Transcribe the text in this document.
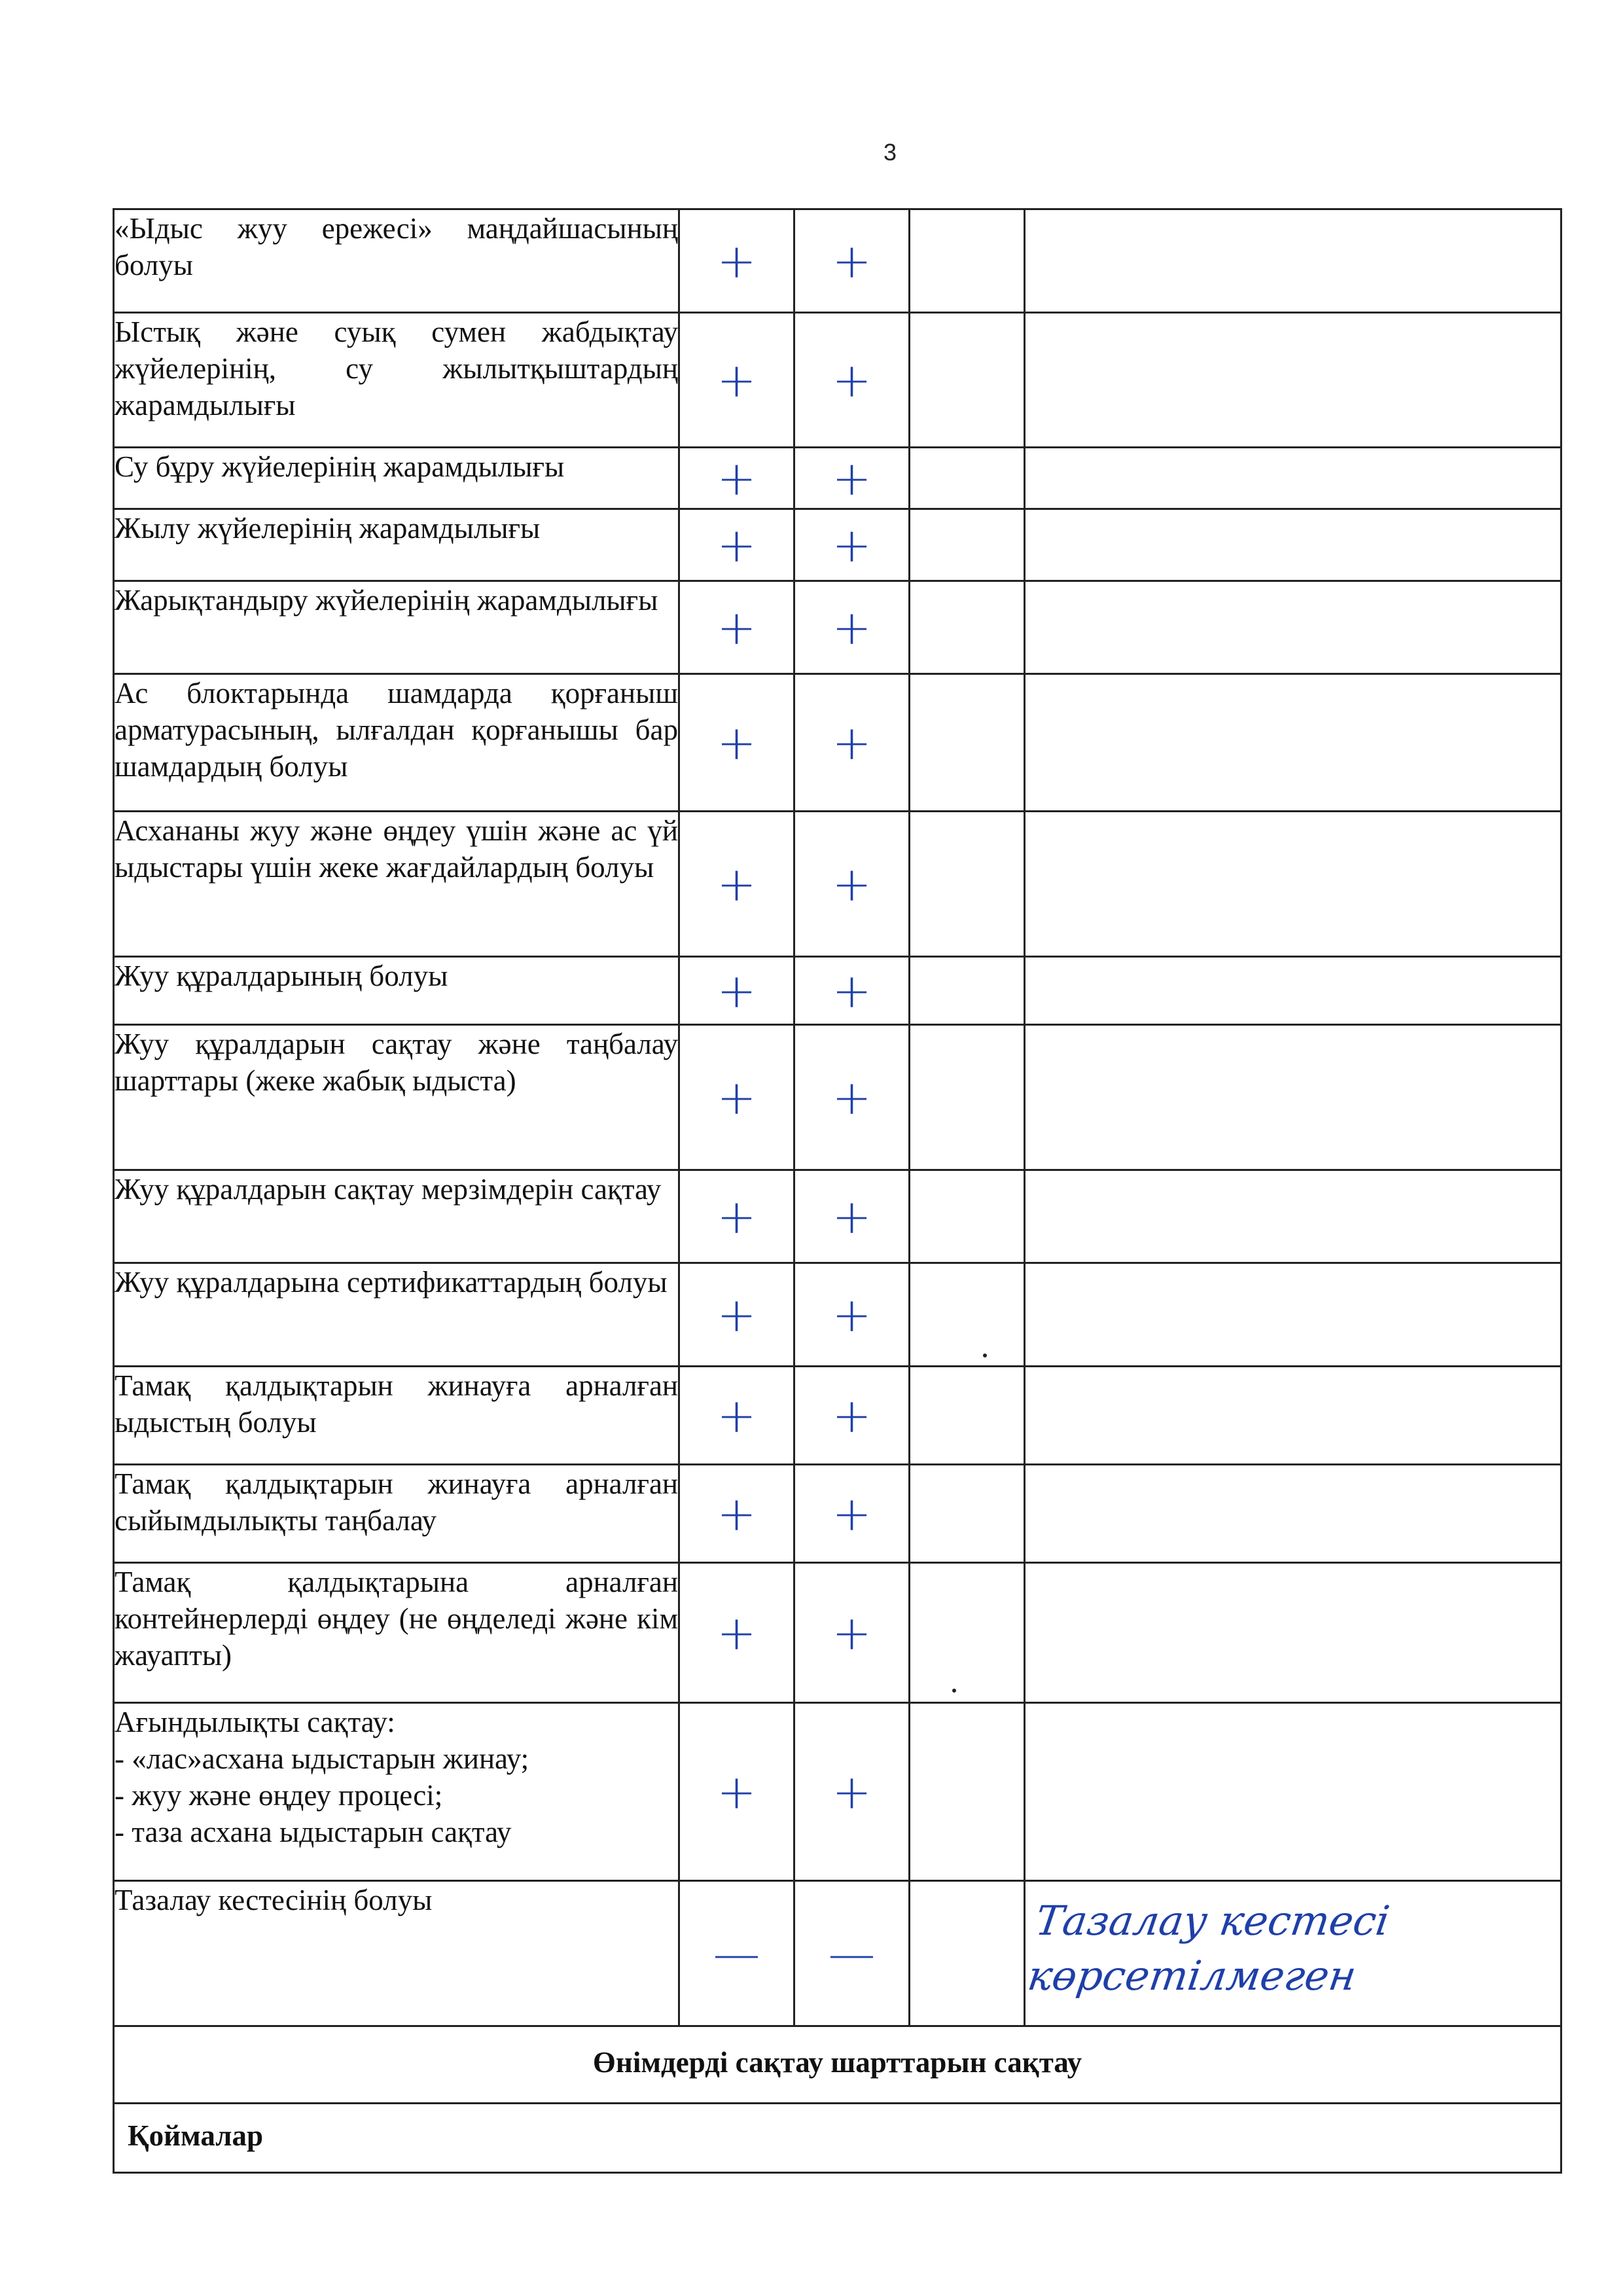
3
«Ыдыс жуу ережесі» маңдайшасының болуы	+	+		

Ыстық және суық сумен жабдықтау жүйелерінің, су жылытқыштардың жарамдылығы	+	+		

Су бұру жүйелерінің жарамдылығы	+	+		

Жылу жүйелерінің жарамдылығы	+	+		

Жарықтандыру жүйелерінің жарамдылығы	+	+		

Ас блоктарында шамдарда қорғаныш арматурасының, ылғалдан қорғанышы бар шамдардың болуы	+	+		

Асхананы жуу және өңдеу үшін және ас үй ыдыстары үшін жеке жағдайлардың болуы	+	+		

Жуу құралдарының болуы	+	+		

Жуу құралдарын сақтау және таңбалау шарттары (жеке жабық ыдыста)	+	+		

Жуу құралдарын сақтау мерзімдерін сақтау	+	+		

Жуу құралдарына сертификаттардың болуы	+	+		

Тамақ қалдықтарын жинауға арналған ыдыстың болуы	+	+		

Тамақ қалдықтарын жинауға арналған сыйымдылықты таңбалау	+	+		

Тамақ қалдықтарына арналған контейнерлерді өңдеу (не өңделеді және кім жауапты)	+	+		

Ағындылықты сақтау:
- «лас»асхана ыдыстарын жинау;
- жуу және өңдеу процесі;
- таза асхана ыдыстарын сақтау	+	+		

Тазалау кестесінің болуы	—	—		Тазалау кестесі көрсетілмеген

Өнімдерді сақтау шарттарын сақтау				
Қоймалар				
